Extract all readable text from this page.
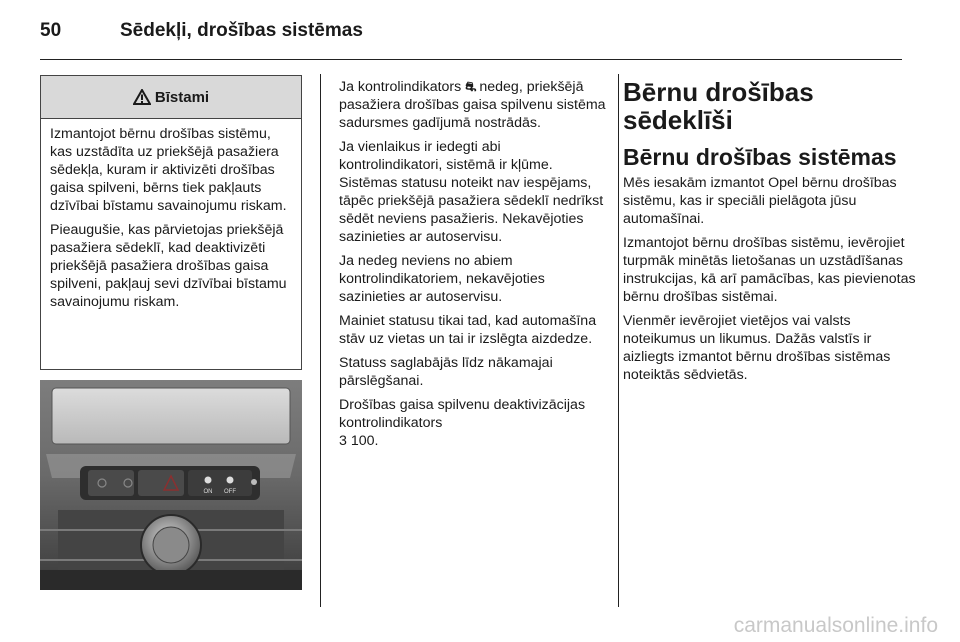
50	Sēdekļi, drošības sistēmas
Bīstami

Izmantojot bērnu drošības sistēmu, kas uzstādīta uz priekšējā pasažiera sēdekļa, kuram ir aktivizēti drošības gaisa spilveni, bērns tiek pakļauts dzīvībai bīstamu savainojumu riskam.

Pieaugušie, kas pārvietojas priekšējā pasažiera sēdeklī, kad deaktivizēti priekšējā pasažiera drošības gaisa spilveni, pakļauj sevi dzīvībai bīstamu savainojumu riskam.

ON OFF

Ja kontrolindikators ⛐ nedeg, priekšējā pasažiera drošības gaisa spilvenu sistēma sadursmes gadījumā nostrādās.

Ja vienlaikus ir iedegti abi kontrolindikatori, sistēmā ir kļūme. Sistēmas statusu noteikt nav iespējams, tāpēc priekšējā pasažiera sēdeklī nedrīkst sēdēt neviens pasažieris. Nekavējoties sazinieties ar autoservisu.

Ja nedeg neviens no abiem kontrolindikatoriem, nekavējoties sazinieties ar autoservisu.

Mainiet statusu tikai tad, kad automašīna stāv uz vietas un tai ir izslēgta aizdedze.

Statuss saglabājās līdz nākamajai pārslēgšanai.

Drošības gaisa spilvenu deaktivizācijas kontrolindikators
3 100.

Bērnu drošības sēdeklīši
Bērnu drošības sistēmas

Mēs iesakām izmantot Opel bērnu drošības sistēmu, kas ir speciāli pielāgota jūsu automašīnai.

Izmantojot bērnu drošības sistēmu, ievērojiet turpmāk minētās lietošanas un uzstādīšanas instrukcijas, kā arī pamācības, kas pievienotas bērnu drošības sistēmai.

Vienmēr ievērojiet vietējos vai valsts noteikumus un likumus. Dažās valstīs ir aizliegts izmantot bērnu drošības sistēmas noteiktās sēdvietās.

carmanualsonline.info
